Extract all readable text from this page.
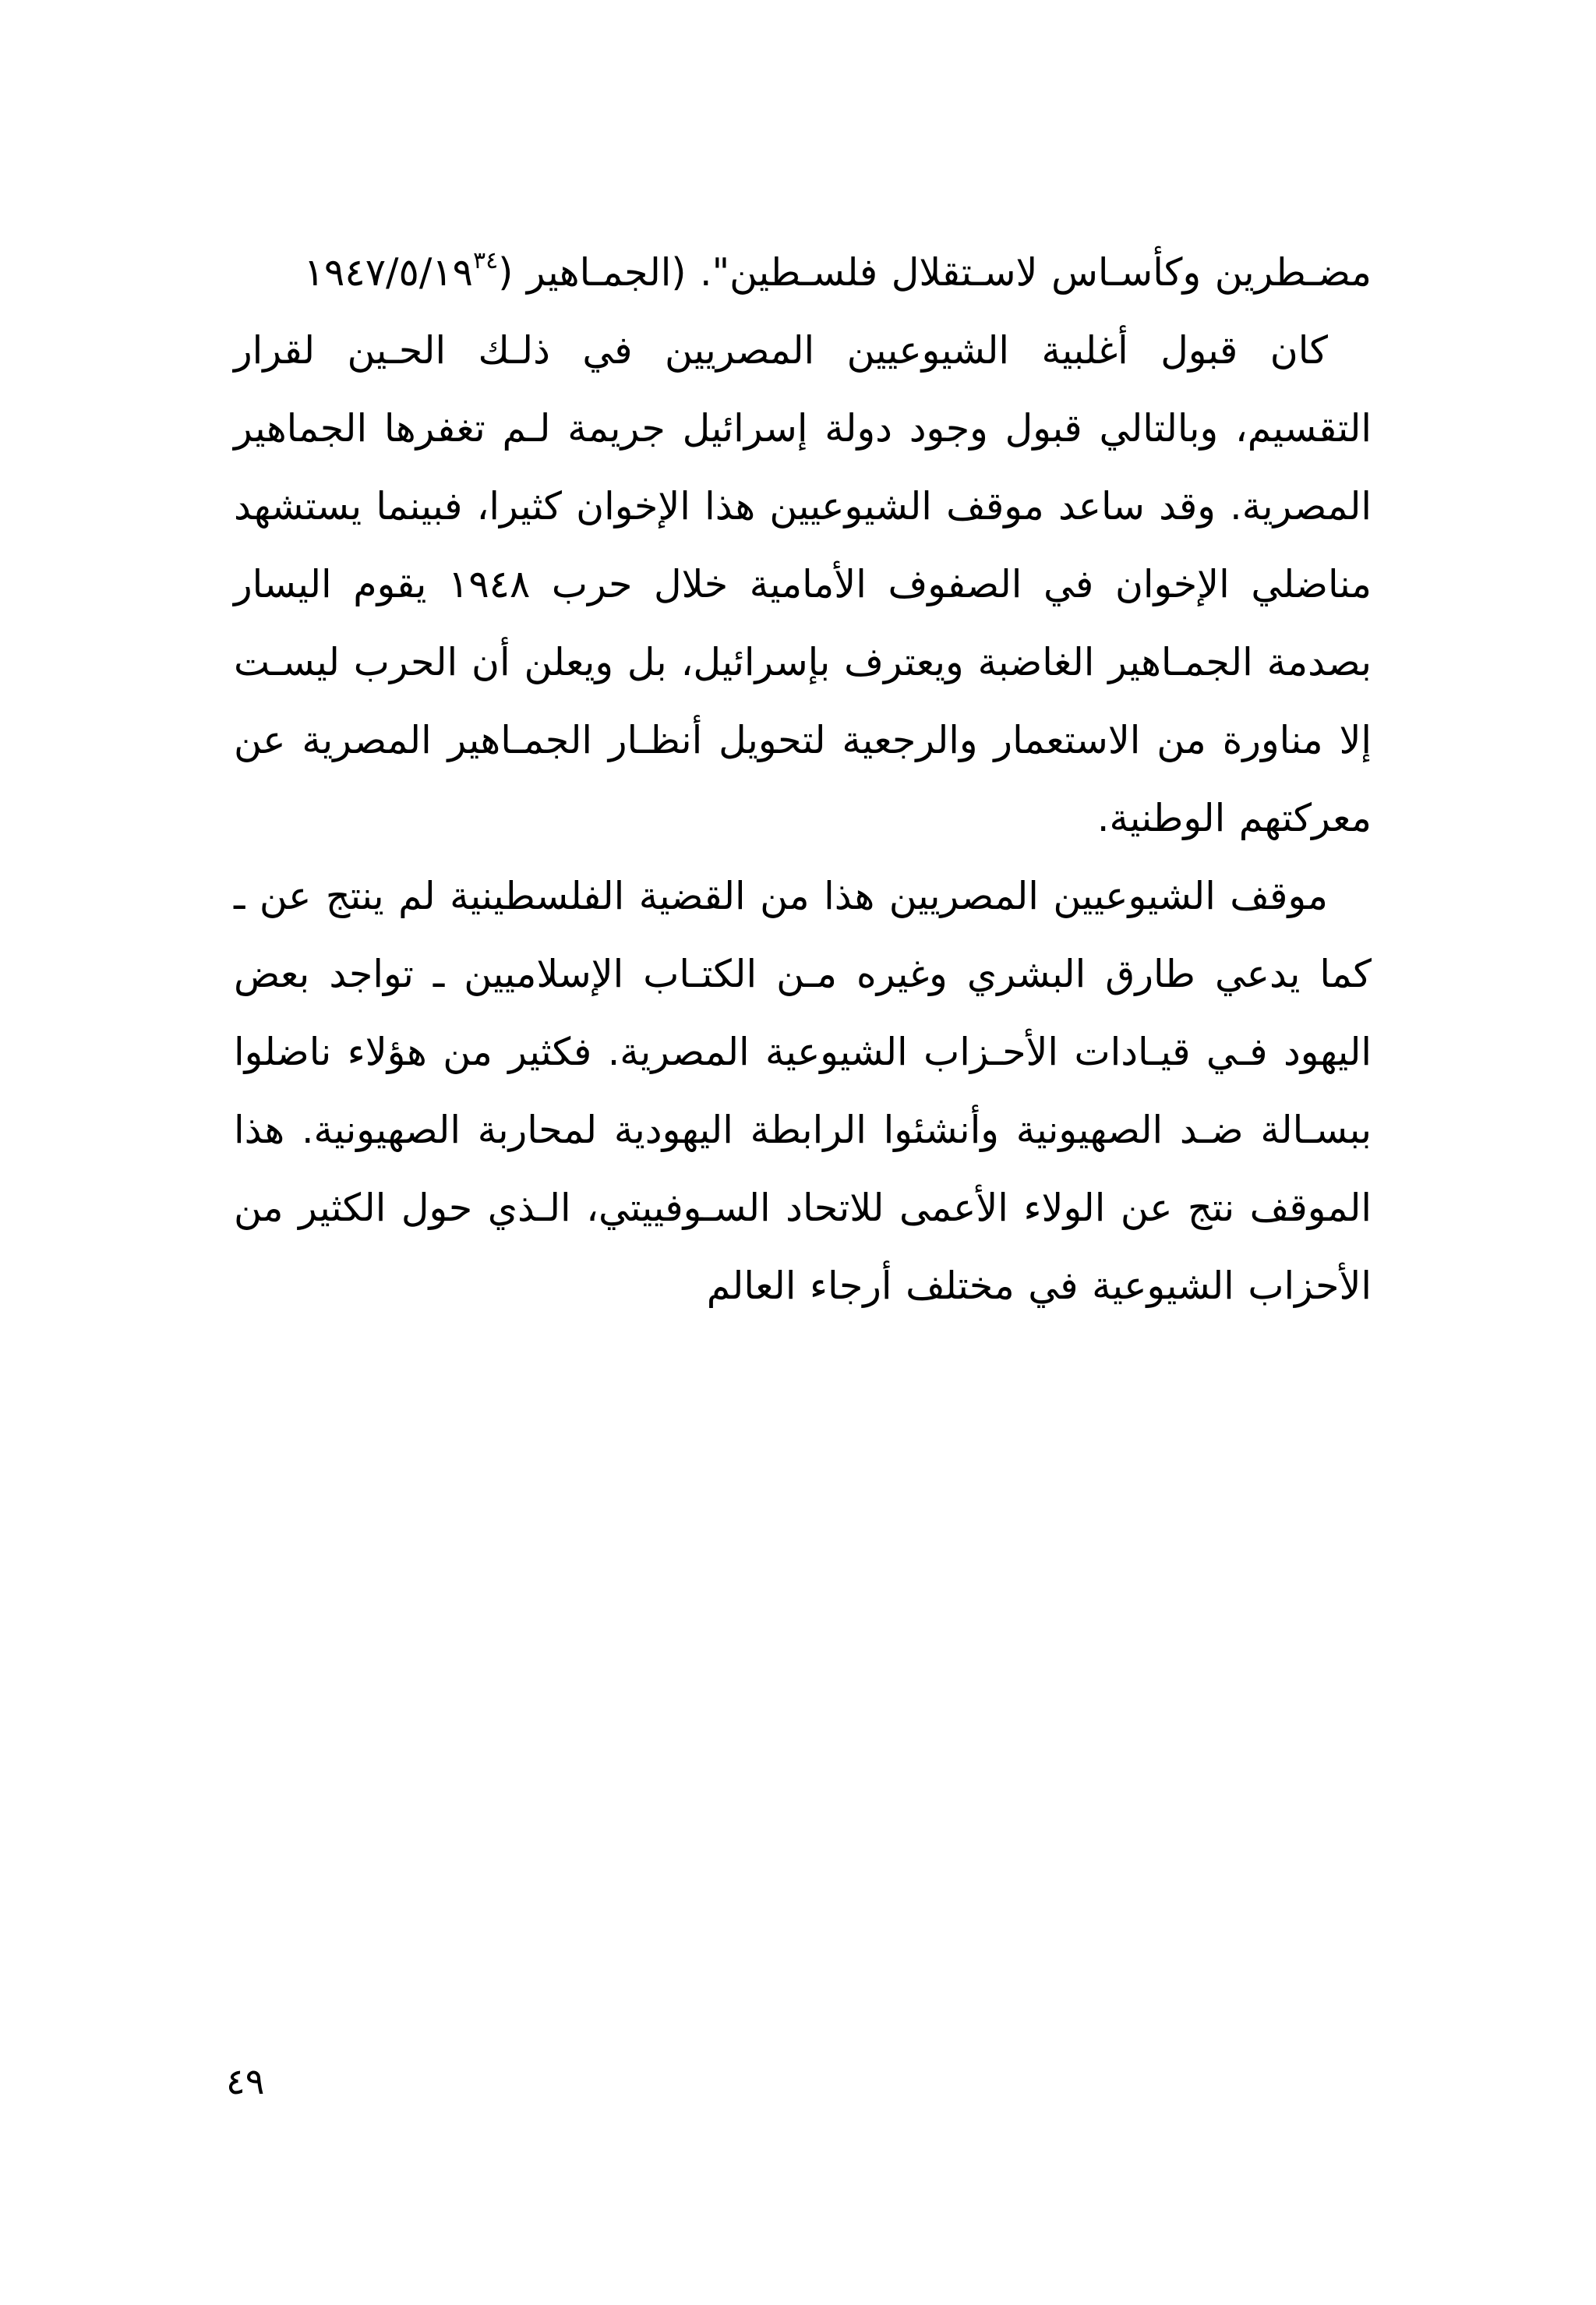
مضـطرين وكأسـاس لاسـتقلال فلسـطين". (الجمـاهير (١٩٤٧/٥/١٩$^{٣٤}$

كان قبول أغلبية الشيوعيين المصريين في ذلـك الحـين لقرار التقسيم، وبالتالي قبول وجود دولة إسرائيل جريمة لـم تغفرها الجماهير المصرية. وقد ساعد موقف الشيوعيين هذا الإخوان كثيرا، فبينما يستشهد مناضلي الإخوان في الصفوف الأمامية خلال حرب ١٩٤٨ يقوم اليسار بصدمة الجمـاهير الغاضبة ويعترف بإسرائيل، بل ويعلن أن الحرب ليسـت إلا مناورة من الاستعمار والرجعية لتحويل أنظـار الجمـاهير المصرية عن معركتهم الوطنية.

موقف الشيوعيين المصريين هذا من القضية الفلسطينية لم ينتج عن ـ كما يدعي طارق البشري وغيره مـن الكتـاب الإسلاميين ـ تواجد بعض اليهود فـي قيـادات الأحـزاب الشيوعية المصرية. فكثير من هؤلاء ناضلوا ببسـالة ضـد الصهيونية وأنشئوا الرابطة اليهودية لمحاربة الصهيونية. هذا الموقف نتج عن الولاء الأعمى للاتحاد السـوفييتي، الـذي حول الكثير من الأحزاب الشيوعية في مختلف أرجاء العالم

٤٩
